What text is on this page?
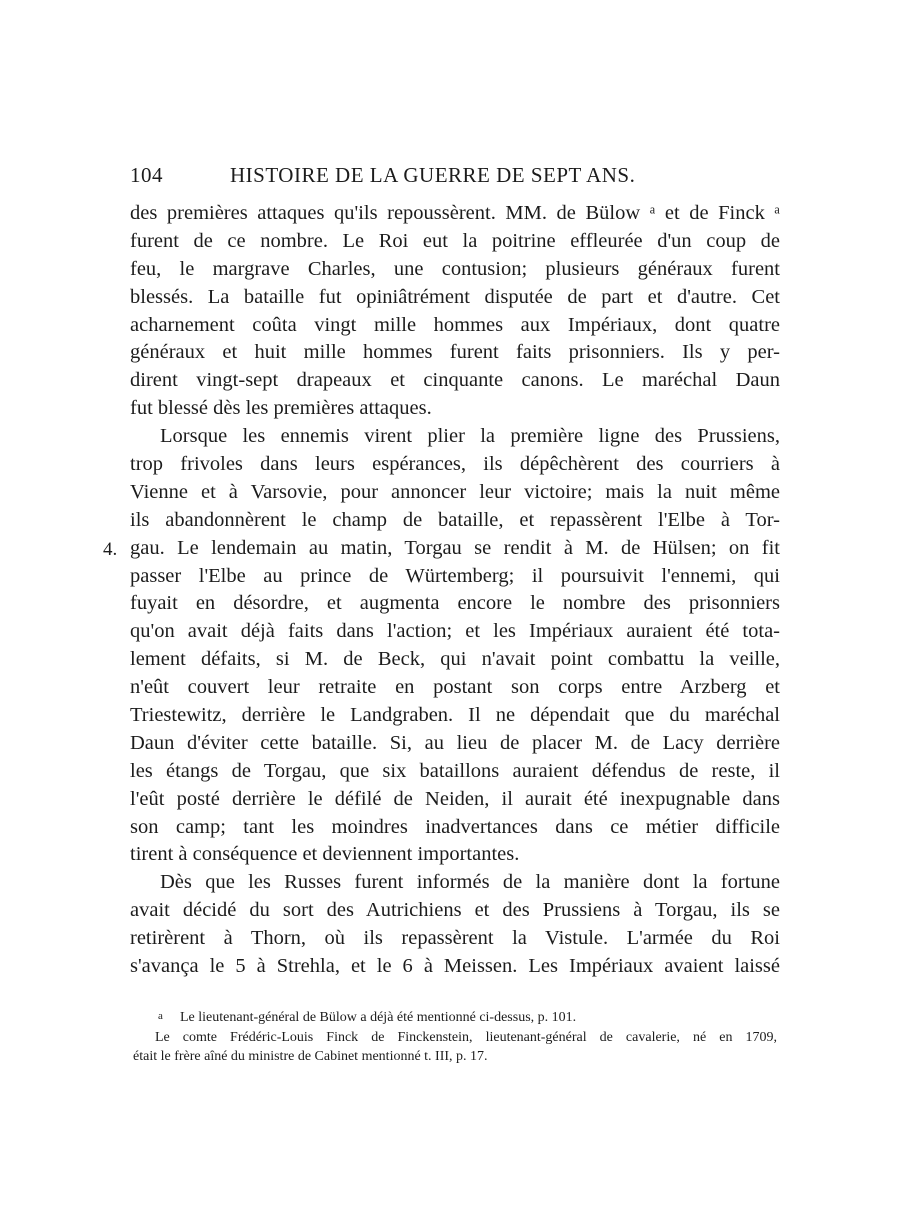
104	HISTOIRE DE LA GUERRE DE SEPT ANS.
4.

des premières attaques qu'ils repoussèrent. MM. de Bülow ᵃ et de Finck ᵃ
furent de ce nombre. Le Roi eut la poitrine effleurée d'un coup de
feu, le margrave Charles, une contusion; plusieurs généraux furent
blessés. La bataille fut opiniâtrément disputée de part et d'autre. Cet
acharnement coûta vingt mille hommes aux Impériaux, dont quatre
généraux et huit mille hommes furent faits prisonniers. Ils y per-
dirent vingt-sept drapeaux et cinquante canons. Le maréchal Daun
fut blessé dès les premières attaques.

Lorsque les ennemis virent plier la première ligne des Prussiens,
trop frivoles dans leurs espérances, ils dépêchèrent des courriers à
Vienne et à Varsovie, pour annoncer leur victoire; mais la nuit même
ils abandonnèrent le champ de bataille, et repassèrent l'Elbe à Tor-
gau. Le lendemain au matin, Torgau se rendit à M. de Hülsen; on fit
passer l'Elbe au prince de Würtemberg; il poursuivit l'ennemi, qui
fuyait en désordre, et augmenta encore le nombre des prisonniers
qu'on avait déjà faits dans l'action; et les Impériaux auraient été tota-
lement défaits, si M. de Beck, qui n'avait point combattu la veille,
n'eût couvert leur retraite en postant son corps entre Arzberg et
Triestewitz, derrière le Landgraben. Il ne dépendait que du maréchal
Daun d'éviter cette bataille. Si, au lieu de placer M. de Lacy derrière
les étangs de Torgau, que six bataillons auraient défendus de reste, il
l'eût posté derrière le défilé de Neiden, il aurait été inexpugnable dans
son camp; tant les moindres inadvertances dans ce métier difficile
tirent à conséquence et deviennent importantes.

Dès que les Russes furent informés de la manière dont la fortune
avait décidé du sort des Autrichiens et des Prussiens à Torgau, ils se
retirèrent à Thorn, où ils repassèrent la Vistule. L'armée du Roi
s'avança le 5 à Strehla, et le 6 à Meissen. Les Impériaux avaient laissé

a Le lieutenant-général de Bülow a déjà été mentionné ci-dessus, p. 101.
Le comte Frédéric-Louis Finck de Finckenstein, lieutenant-général de cavalerie, né en 1709,
était le frère aîné du ministre de Cabinet mentionné t. III, p. 17.
